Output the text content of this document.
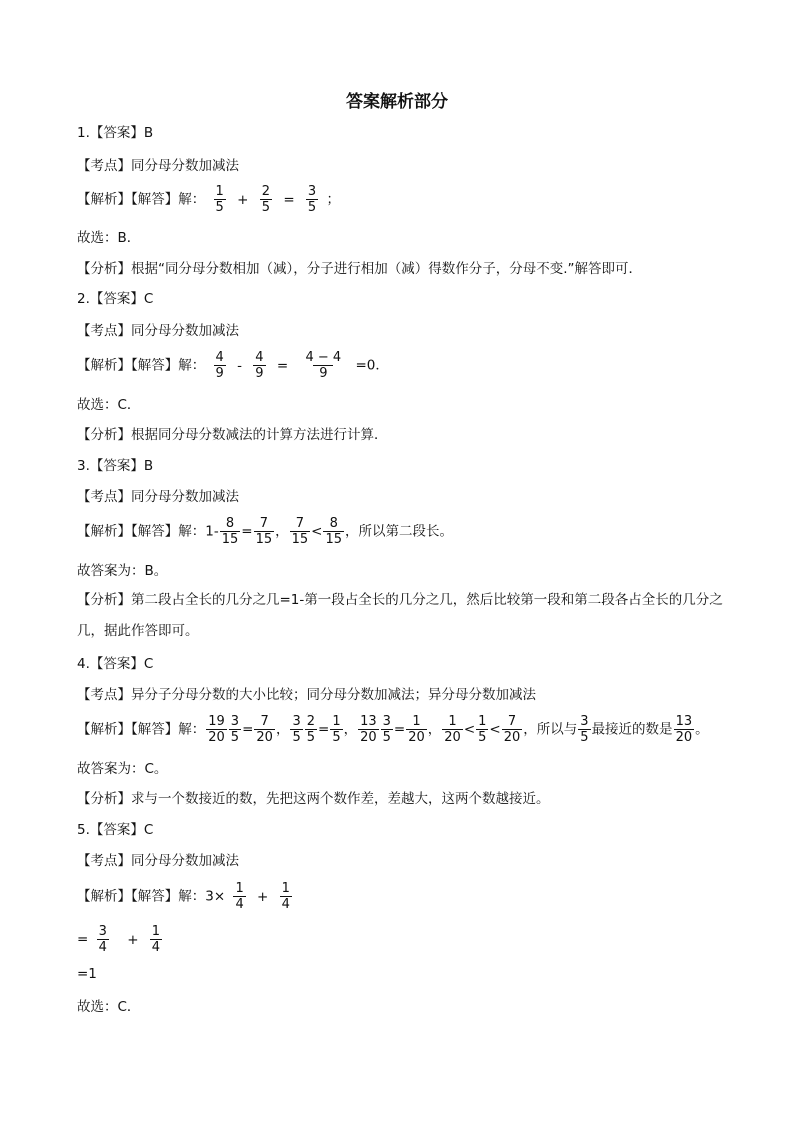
答案解析部分
1.【答案】B
【考点】同分母分数加减法
【解析】【解答】解： $\frac{1}{5} + \frac{2}{5} = \frac{3}{5}$ ；
故选：B．
【分析】根据“同分母分数相加（减），分子进行相加（减）得数作分子，分母不变.”解答即可．
2.【答案】C
【考点】同分母分数加减法
【解析】【解答】解： $\frac{4}{9} - \frac{4}{9} = \frac{4 - 4}{9} =0$．
故选：C．
【分析】根据同分母分数减法的计算方法进行计算．
3.【答案】B
【考点】同分母分数加减法
【解析】【解答】解：$1- \frac{8}{15} = \frac{7}{15}$ ， $\frac{7}{15} < \frac{8}{15}$ ，所以第二段长。
故答案为：B。
【分析】第二段占全长的几分之几=1-第一段占全长的几分之几，然后比较第一段和第二段各占全长的几分之几，据此作答即可。
4.【答案】C
【考点】异分子分母分数的大小比较；同分母分数加减法；异分母分数加减法
【解析】【解答】解： $\frac{19}{20} \frac{3}{5} = \frac{7}{20}$ ， $\frac{3}{5} \frac{2}{5} = \frac{1}{5}$ ， $\frac{13}{20} \frac{3}{5} = \frac{1}{20}$ ， $\frac{1}{20} < \frac{1}{5} < \frac{7}{20}$ ，所以与 $\frac{3}{5}$ 最接近的数是 $\frac{13}{20}$ 。
故答案为：C。
【分析】求与一个数接近的数，先把这两个数作差，差越大，这两个数越接近。
5.【答案】C
【考点】同分母分数加减法
【解析】【解答】解：$3\times \frac{1}{4} + \frac{1}{4}$
= $\frac{3}{4} + \frac{1}{4}$
=1
故选：C．
